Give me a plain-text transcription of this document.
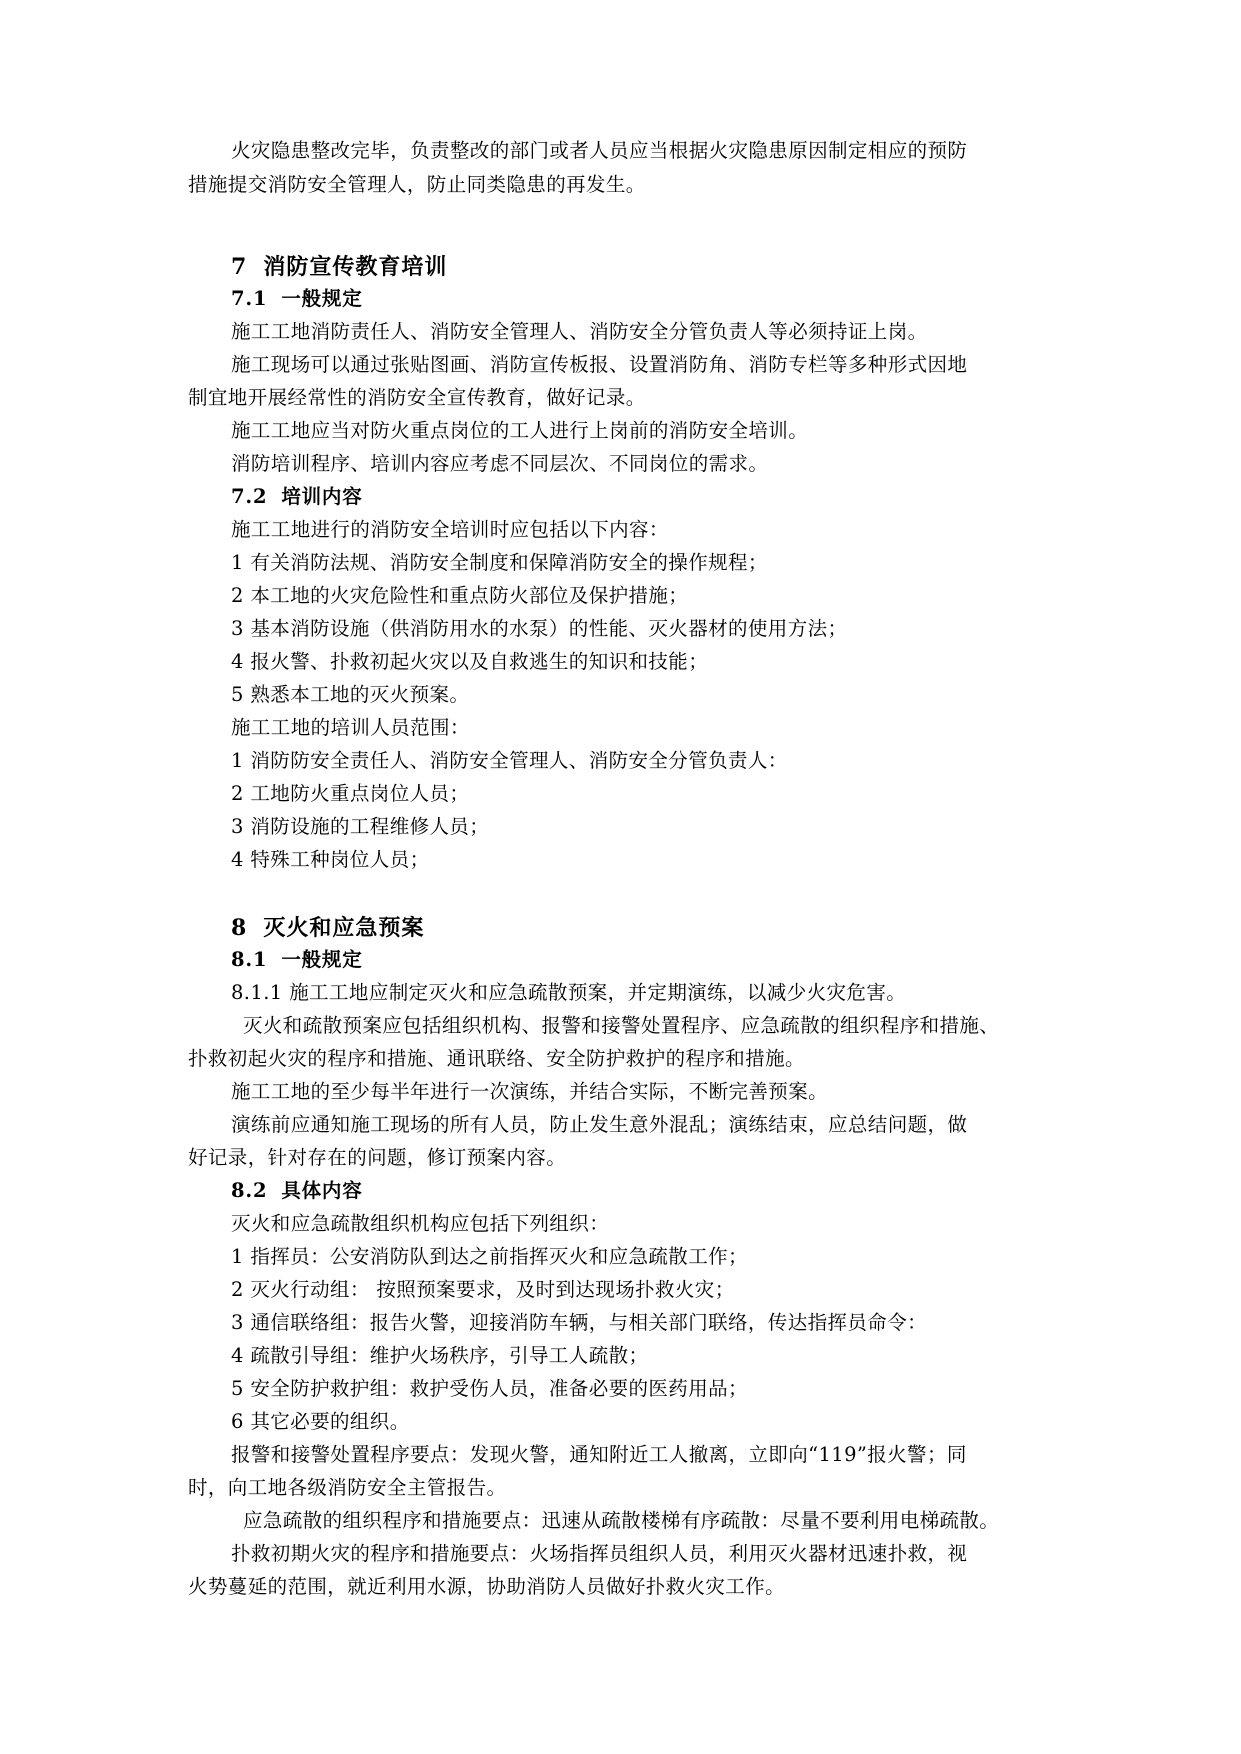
火灾隐患整改完毕，负责整改的部门或者人员应当根据火灾隐患原因制定相应的预防
措施提交消防安全管理人，防止同类隐患的再发生。
7 消防宣传教育培训
7.1 一般规定
施工工地消防责任人、消防安全管理人、消防安全分管负责人等必须持证上岗。
施工现场可以通过张贴图画、消防宣传板报、设置消防角、消防专栏等多种形式因地
制宜地开展经常性的消防安全宣传教育，做好记录。
施工工地应当对防火重点岗位的工人进行上岗前的消防安全培训。
消防培训程序、培训内容应考虑不同层次、不同岗位的需求。
7.2 培训内容
施工工地进行的消防安全培训时应包括以下内容：
1 有关消防法规、消防安全制度和保障消防安全的操作规程；
2 本工地的火灾危险性和重点防火部位及保护措施；
3 基本消防设施（供消防用水的水泵）的性能、灭火器材的使用方法；
4 报火警、扑救初起火灾以及自救逃生的知识和技能；
5 熟悉本工地的灭火预案。
施工工地的培训人员范围：
1 消防防安全责任人、消防安全管理人、消防安全分管负责人：
2 工地防火重点岗位人员；
3 消防设施的工程维修人员；
4 特殊工种岗位人员；
8 灭火和应急预案
8.1 一般规定
8.1.1 施工工地应制定灭火和应急疏散预案，并定期演练，以减少火灾危害。
灭火和疏散预案应包括组织机构、报警和接警处置程序、应急疏散的组织程序和措施、
扑救初起火灾的程序和措施、通讯联络、安全防护救护的程序和措施。
施工工地的至少每半年进行一次演练，并结合实际，不断完善预案。
演练前应通知施工现场的所有人员，防止发生意外混乱；演练结束，应总结问题，做
好记录，针对存在的问题，修订预案内容。
8.2 具体内容
灭火和应急疏散组织机构应包括下列组织：
1 指挥员：公安消防队到达之前指挥灭火和应急疏散工作；
2 灭火行动组： 按照预案要求，及时到达现场扑救火灾；
3 通信联络组：报告火警，迎接消防车辆，与相关部门联络，传达指挥员命令：
4 疏散引导组：维护火场秩序，引导工人疏散；
5 安全防护救护组：救护受伤人员，准备必要的医药用品；
6 其它必要的组织。
报警和接警处置程序要点：发现火警，通知附近工人撤离，立即向“119”报火警；同
时，向工地各级消防安全主管报告。
应急疏散的组织程序和措施要点：迅速从疏散楼梯有序疏散：尽量不要利用电梯疏散。
扑救初期火灾的程序和措施要点：火场指挥员组织人员，利用灭火器材迅速扑救，视
火势蔓延的范围，就近利用水源，协助消防人员做好扑救火灾工作。
